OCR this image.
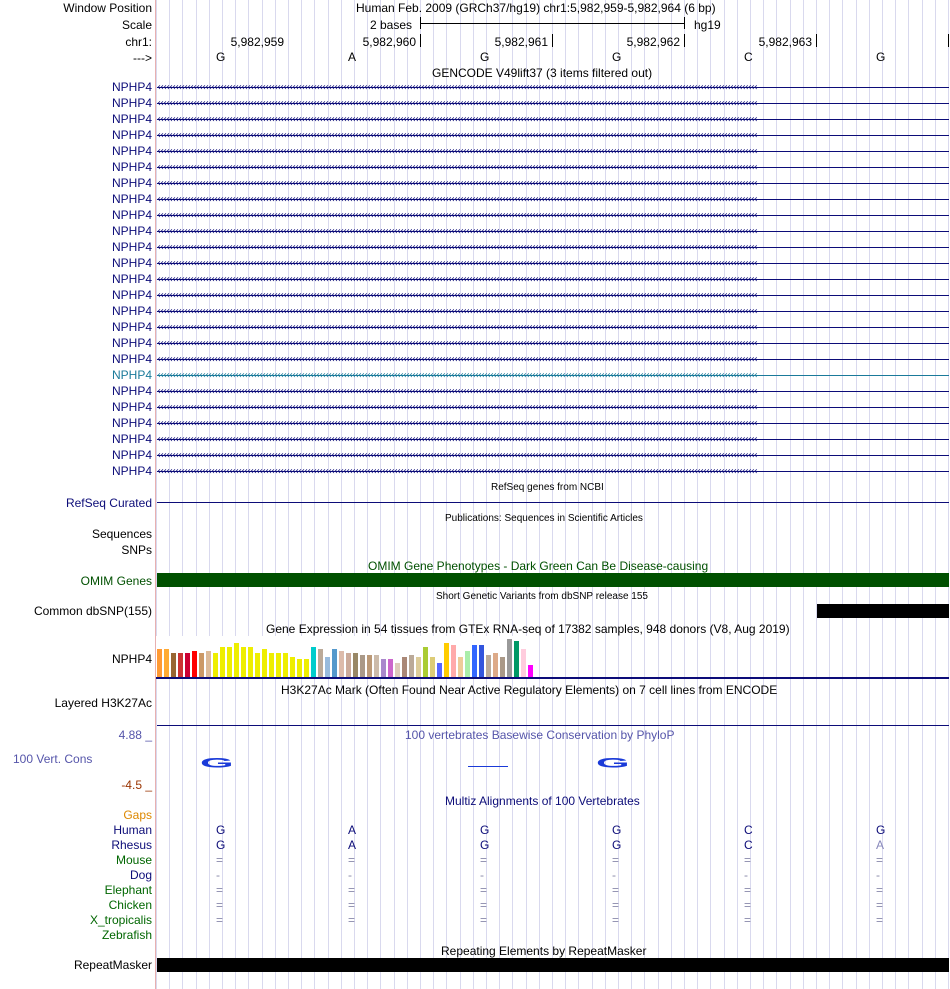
Window Position	Human Feb. 2009 (GRCh37/hg19) chr1:5,982,959-5,982,964 (6 bp)
Scale	2 bases	hg19
chr1:	5,982,959	5,982,960	5,982,961	5,982,962	5,982,963
--->	G	A	G	G	C	G
GENCODE V49lift37 (3 items filtered out)
NPHP4 ‹‹‹‹‹‹‹‹‹‹‹‹‹‹‹‹‹‹‹‹‹‹‹‹‹‹‹‹‹‹‹‹‹‹‹‹‹‹‹‹‹‹‹‹‹‹‹‹‹‹‹‹‹‹‹‹‹‹‹‹‹‹‹‹‹‹‹‹‹‹‹‹‹‹‹‹‹‹‹‹‹‹‹‹‹‹‹‹‹‹‹‹‹‹‹‹‹‹‹‹‹‹‹‹‹‹‹‹‹‹‹‹‹‹‹‹‹‹‹‹‹‹‹‹‹‹‹‹‹‹‹‹‹‹‹‹‹‹‹‹‹‹‹‹‹‹‹‹‹‹‹‹‹‹‹‹‹‹‹‹‹‹‹‹‹‹‹‹‹‹‹‹‹‹‹‹‹‹‹‹‹‹‹‹‹‹‹‹‹‹‹‹‹‹‹‹‹‹‹‹
NPHP4 ‹‹‹‹‹‹‹‹‹‹‹‹‹‹‹‹‹‹‹‹‹‹‹‹‹‹‹‹‹‹‹‹‹‹‹‹‹‹‹‹‹‹‹‹‹‹‹‹‹‹‹‹‹‹‹‹‹‹‹‹‹‹‹‹‹‹‹‹‹‹‹‹‹‹‹‹‹‹‹‹‹‹‹‹‹‹‹‹‹‹‹‹‹‹‹‹‹‹‹‹‹‹‹‹‹‹‹‹‹‹‹‹‹‹‹‹‹‹‹‹‹‹‹‹‹‹‹‹‹‹‹‹‹‹‹‹‹‹‹‹‹‹‹‹‹‹‹‹‹‹‹‹‹‹‹‹‹‹‹‹‹‹‹‹‹‹‹‹‹‹‹‹‹‹‹‹‹‹‹‹‹‹‹‹‹‹‹‹‹‹‹‹‹‹‹‹‹‹‹‹
NPHP4 ‹‹‹‹‹‹‹‹‹‹‹‹‹‹‹‹‹‹‹‹‹‹‹‹‹‹‹‹‹‹‹‹‹‹‹‹‹‹‹‹‹‹‹‹‹‹‹‹‹‹‹‹‹‹‹‹‹‹‹‹‹‹‹‹‹‹‹‹‹‹‹‹‹‹‹‹‹‹‹‹‹‹‹‹‹‹‹‹‹‹‹‹‹‹‹‹‹‹‹‹‹‹‹‹‹‹‹‹‹‹‹‹‹‹‹‹‹‹‹‹‹‹‹‹‹‹‹‹‹‹‹‹‹‹‹‹‹‹‹‹‹‹‹‹‹‹‹‹‹‹‹‹‹‹‹‹‹‹‹‹‹‹‹‹‹‹‹‹‹‹‹‹‹‹‹‹‹‹‹‹‹‹‹‹‹‹‹‹‹‹‹‹‹‹‹‹‹‹‹‹
NPHP4 ‹‹‹‹‹‹‹‹‹‹‹‹‹‹‹‹‹‹‹‹‹‹‹‹‹‹‹‹‹‹‹‹‹‹‹‹‹‹‹‹‹‹‹‹‹‹‹‹‹‹‹‹‹‹‹‹‹‹‹‹‹‹‹‹‹‹‹‹‹‹‹‹‹‹‹‹‹‹‹‹‹‹‹‹‹‹‹‹‹‹‹‹‹‹‹‹‹‹‹‹‹‹‹‹‹‹‹‹‹‹‹‹‹‹‹‹‹‹‹‹‹‹‹‹‹‹‹‹‹‹‹‹‹‹‹‹‹‹‹‹‹‹‹‹‹‹‹‹‹‹‹‹‹‹‹‹‹‹‹‹‹‹‹‹‹‹‹‹‹‹‹‹‹‹‹‹‹‹‹‹‹‹‹‹‹‹‹‹‹‹‹‹‹‹‹‹‹‹‹‹
NPHP4 ‹‹‹‹‹‹‹‹‹‹‹‹‹‹‹‹‹‹‹‹‹‹‹‹‹‹‹‹‹‹‹‹‹‹‹‹‹‹‹‹‹‹‹‹‹‹‹‹‹‹‹‹‹‹‹‹‹‹‹‹‹‹‹‹‹‹‹‹‹‹‹‹‹‹‹‹‹‹‹‹‹‹‹‹‹‹‹‹‹‹‹‹‹‹‹‹‹‹‹‹‹‹‹‹‹‹‹‹‹‹‹‹‹‹‹‹‹‹‹‹‹‹‹‹‹‹‹‹‹‹‹‹‹‹‹‹‹‹‹‹‹‹‹‹‹‹‹‹‹‹‹‹‹‹‹‹‹‹‹‹‹‹‹‹‹‹‹‹‹‹‹‹‹‹‹‹‹‹‹‹‹‹‹‹‹‹‹‹‹‹‹‹‹‹‹‹‹‹‹‹
NPHP4 ‹‹‹‹‹‹‹‹‹‹‹‹‹‹‹‹‹‹‹‹‹‹‹‹‹‹‹‹‹‹‹‹‹‹‹‹‹‹‹‹‹‹‹‹‹‹‹‹‹‹‹‹‹‹‹‹‹‹‹‹‹‹‹‹‹‹‹‹‹‹‹‹‹‹‹‹‹‹‹‹‹‹‹‹‹‹‹‹‹‹‹‹‹‹‹‹‹‹‹‹‹‹‹‹‹‹‹‹‹‹‹‹‹‹‹‹‹‹‹‹‹‹‹‹‹‹‹‹‹‹‹‹‹‹‹‹‹‹‹‹‹‹‹‹‹‹‹‹‹‹‹‹‹‹‹‹‹‹‹‹‹‹‹‹‹‹‹‹‹‹‹‹‹‹‹‹‹‹‹‹‹‹‹‹‹‹‹‹‹‹‹‹‹‹‹‹‹‹‹‹
NPHP4 ‹‹‹‹‹‹‹‹‹‹‹‹‹‹‹‹‹‹‹‹‹‹‹‹‹‹‹‹‹‹‹‹‹‹‹‹‹‹‹‹‹‹‹‹‹‹‹‹‹‹‹‹‹‹‹‹‹‹‹‹‹‹‹‹‹‹‹‹‹‹‹‹‹‹‹‹‹‹‹‹‹‹‹‹‹‹‹‹‹‹‹‹‹‹‹‹‹‹‹‹‹‹‹‹‹‹‹‹‹‹‹‹‹‹‹‹‹‹‹‹‹‹‹‹‹‹‹‹‹‹‹‹‹‹‹‹‹‹‹‹‹‹‹‹‹‹‹‹‹‹‹‹‹‹‹‹‹‹‹‹‹‹‹‹‹‹‹‹‹‹‹‹‹‹‹‹‹‹‹‹‹‹‹‹‹‹‹‹‹‹‹‹‹‹‹‹‹‹‹‹
NPHP4 ‹‹‹‹‹‹‹‹‹‹‹‹‹‹‹‹‹‹‹‹‹‹‹‹‹‹‹‹‹‹‹‹‹‹‹‹‹‹‹‹‹‹‹‹‹‹‹‹‹‹‹‹‹‹‹‹‹‹‹‹‹‹‹‹‹‹‹‹‹‹‹‹‹‹‹‹‹‹‹‹‹‹‹‹‹‹‹‹‹‹‹‹‹‹‹‹‹‹‹‹‹‹‹‹‹‹‹‹‹‹‹‹‹‹‹‹‹‹‹‹‹‹‹‹‹‹‹‹‹‹‹‹‹‹‹‹‹‹‹‹‹‹‹‹‹‹‹‹‹‹‹‹‹‹‹‹‹‹‹‹‹‹‹‹‹‹‹‹‹‹‹‹‹‹‹‹‹‹‹‹‹‹‹‹‹‹‹‹‹‹‹‹‹‹‹‹‹‹‹‹
NPHP4 ‹‹‹‹‹‹‹‹‹‹‹‹‹‹‹‹‹‹‹‹‹‹‹‹‹‹‹‹‹‹‹‹‹‹‹‹‹‹‹‹‹‹‹‹‹‹‹‹‹‹‹‹‹‹‹‹‹‹‹‹‹‹‹‹‹‹‹‹‹‹‹‹‹‹‹‹‹‹‹‹‹‹‹‹‹‹‹‹‹‹‹‹‹‹‹‹‹‹‹‹‹‹‹‹‹‹‹‹‹‹‹‹‹‹‹‹‹‹‹‹‹‹‹‹‹‹‹‹‹‹‹‹‹‹‹‹‹‹‹‹‹‹‹‹‹‹‹‹‹‹‹‹‹‹‹‹‹‹‹‹‹‹‹‹‹‹‹‹‹‹‹‹‹‹‹‹‹‹‹‹‹‹‹‹‹‹‹‹‹‹‹‹‹‹‹‹‹‹‹‹
NPHP4 ‹‹‹‹‹‹‹‹‹‹‹‹‹‹‹‹‹‹‹‹‹‹‹‹‹‹‹‹‹‹‹‹‹‹‹‹‹‹‹‹‹‹‹‹‹‹‹‹‹‹‹‹‹‹‹‹‹‹‹‹‹‹‹‹‹‹‹‹‹‹‹‹‹‹‹‹‹‹‹‹‹‹‹‹‹‹‹‹‹‹‹‹‹‹‹‹‹‹‹‹‹‹‹‹‹‹‹‹‹‹‹‹‹‹‹‹‹‹‹‹‹‹‹‹‹‹‹‹‹‹‹‹‹‹‹‹‹‹‹‹‹‹‹‹‹‹‹‹‹‹‹‹‹‹‹‹‹‹‹‹‹‹‹‹‹‹‹‹‹‹‹‹‹‹‹‹‹‹‹‹‹‹‹‹‹‹‹‹‹‹‹‹‹‹‹‹‹‹‹‹
NPHP4 ‹‹‹‹‹‹‹‹‹‹‹‹‹‹‹‹‹‹‹‹‹‹‹‹‹‹‹‹‹‹‹‹‹‹‹‹‹‹‹‹‹‹‹‹‹‹‹‹‹‹‹‹‹‹‹‹‹‹‹‹‹‹‹‹‹‹‹‹‹‹‹‹‹‹‹‹‹‹‹‹‹‹‹‹‹‹‹‹‹‹‹‹‹‹‹‹‹‹‹‹‹‹‹‹‹‹‹‹‹‹‹‹‹‹‹‹‹‹‹‹‹‹‹‹‹‹‹‹‹‹‹‹‹‹‹‹‹‹‹‹‹‹‹‹‹‹‹‹‹‹‹‹‹‹‹‹‹‹‹‹‹‹‹‹‹‹‹‹‹‹‹‹‹‹‹‹‹‹‹‹‹‹‹‹‹‹‹‹‹‹‹‹‹‹‹‹‹‹‹‹
NPHP4 ‹‹‹‹‹‹‹‹‹‹‹‹‹‹‹‹‹‹‹‹‹‹‹‹‹‹‹‹‹‹‹‹‹‹‹‹‹‹‹‹‹‹‹‹‹‹‹‹‹‹‹‹‹‹‹‹‹‹‹‹‹‹‹‹‹‹‹‹‹‹‹‹‹‹‹‹‹‹‹‹‹‹‹‹‹‹‹‹‹‹‹‹‹‹‹‹‹‹‹‹‹‹‹‹‹‹‹‹‹‹‹‹‹‹‹‹‹‹‹‹‹‹‹‹‹‹‹‹‹‹‹‹‹‹‹‹‹‹‹‹‹‹‹‹‹‹‹‹‹‹‹‹‹‹‹‹‹‹‹‹‹‹‹‹‹‹‹‹‹‹‹‹‹‹‹‹‹‹‹‹‹‹‹‹‹‹‹‹‹‹‹‹‹‹‹‹‹‹‹‹
NPHP4 ‹‹‹‹‹‹‹‹‹‹‹‹‹‹‹‹‹‹‹‹‹‹‹‹‹‹‹‹‹‹‹‹‹‹‹‹‹‹‹‹‹‹‹‹‹‹‹‹‹‹‹‹‹‹‹‹‹‹‹‹‹‹‹‹‹‹‹‹‹‹‹‹‹‹‹‹‹‹‹‹‹‹‹‹‹‹‹‹‹‹‹‹‹‹‹‹‹‹‹‹‹‹‹‹‹‹‹‹‹‹‹‹‹‹‹‹‹‹‹‹‹‹‹‹‹‹‹‹‹‹‹‹‹‹‹‹‹‹‹‹‹‹‹‹‹‹‹‹‹‹‹‹‹‹‹‹‹‹‹‹‹‹‹‹‹‹‹‹‹‹‹‹‹‹‹‹‹‹‹‹‹‹‹‹‹‹‹‹‹‹‹‹‹‹‹‹‹‹‹‹
NPHP4 ‹‹‹‹‹‹‹‹‹‹‹‹‹‹‹‹‹‹‹‹‹‹‹‹‹‹‹‹‹‹‹‹‹‹‹‹‹‹‹‹‹‹‹‹‹‹‹‹‹‹‹‹‹‹‹‹‹‹‹‹‹‹‹‹‹‹‹‹‹‹‹‹‹‹‹‹‹‹‹‹‹‹‹‹‹‹‹‹‹‹‹‹‹‹‹‹‹‹‹‹‹‹‹‹‹‹‹‹‹‹‹‹‹‹‹‹‹‹‹‹‹‹‹‹‹‹‹‹‹‹‹‹‹‹‹‹‹‹‹‹‹‹‹‹‹‹‹‹‹‹‹‹‹‹‹‹‹‹‹‹‹‹‹‹‹‹‹‹‹‹‹‹‹‹‹‹‹‹‹‹‹‹‹‹‹‹‹‹‹‹‹‹‹‹‹‹‹‹‹‹
NPHP4 ‹‹‹‹‹‹‹‹‹‹‹‹‹‹‹‹‹‹‹‹‹‹‹‹‹‹‹‹‹‹‹‹‹‹‹‹‹‹‹‹‹‹‹‹‹‹‹‹‹‹‹‹‹‹‹‹‹‹‹‹‹‹‹‹‹‹‹‹‹‹‹‹‹‹‹‹‹‹‹‹‹‹‹‹‹‹‹‹‹‹‹‹‹‹‹‹‹‹‹‹‹‹‹‹‹‹‹‹‹‹‹‹‹‹‹‹‹‹‹‹‹‹‹‹‹‹‹‹‹‹‹‹‹‹‹‹‹‹‹‹‹‹‹‹‹‹‹‹‹‹‹‹‹‹‹‹‹‹‹‹‹‹‹‹‹‹‹‹‹‹‹‹‹‹‹‹‹‹‹‹‹‹‹‹‹‹‹‹‹‹‹‹‹‹‹‹‹‹‹‹
NPHP4 ‹‹‹‹‹‹‹‹‹‹‹‹‹‹‹‹‹‹‹‹‹‹‹‹‹‹‹‹‹‹‹‹‹‹‹‹‹‹‹‹‹‹‹‹‹‹‹‹‹‹‹‹‹‹‹‹‹‹‹‹‹‹‹‹‹‹‹‹‹‹‹‹‹‹‹‹‹‹‹‹‹‹‹‹‹‹‹‹‹‹‹‹‹‹‹‹‹‹‹‹‹‹‹‹‹‹‹‹‹‹‹‹‹‹‹‹‹‹‹‹‹‹‹‹‹‹‹‹‹‹‹‹‹‹‹‹‹‹‹‹‹‹‹‹‹‹‹‹‹‹‹‹‹‹‹‹‹‹‹‹‹‹‹‹‹‹‹‹‹‹‹‹‹‹‹‹‹‹‹‹‹‹‹‹‹‹‹‹‹‹‹‹‹‹‹‹‹‹‹‹
NPHP4 ‹‹‹‹‹‹‹‹‹‹‹‹‹‹‹‹‹‹‹‹‹‹‹‹‹‹‹‹‹‹‹‹‹‹‹‹‹‹‹‹‹‹‹‹‹‹‹‹‹‹‹‹‹‹‹‹‹‹‹‹‹‹‹‹‹‹‹‹‹‹‹‹‹‹‹‹‹‹‹‹‹‹‹‹‹‹‹‹‹‹‹‹‹‹‹‹‹‹‹‹‹‹‹‹‹‹‹‹‹‹‹‹‹‹‹‹‹‹‹‹‹‹‹‹‹‹‹‹‹‹‹‹‹‹‹‹‹‹‹‹‹‹‹‹‹‹‹‹‹‹‹‹‹‹‹‹‹‹‹‹‹‹‹‹‹‹‹‹‹‹‹‹‹‹‹‹‹‹‹‹‹‹‹‹‹‹‹‹‹‹‹‹‹‹‹‹‹‹‹‹
NPHP4 ‹‹‹‹‹‹‹‹‹‹‹‹‹‹‹‹‹‹‹‹‹‹‹‹‹‹‹‹‹‹‹‹‹‹‹‹‹‹‹‹‹‹‹‹‹‹‹‹‹‹‹‹‹‹‹‹‹‹‹‹‹‹‹‹‹‹‹‹‹‹‹‹‹‹‹‹‹‹‹‹‹‹‹‹‹‹‹‹‹‹‹‹‹‹‹‹‹‹‹‹‹‹‹‹‹‹‹‹‹‹‹‹‹‹‹‹‹‹‹‹‹‹‹‹‹‹‹‹‹‹‹‹‹‹‹‹‹‹‹‹‹‹‹‹‹‹‹‹‹‹‹‹‹‹‹‹‹‹‹‹‹‹‹‹‹‹‹‹‹‹‹‹‹‹‹‹‹‹‹‹‹‹‹‹‹‹‹‹‹‹‹‹‹‹‹‹‹‹‹‹
NPHP4 ‹‹‹‹‹‹‹‹‹‹‹‹‹‹‹‹‹‹‹‹‹‹‹‹‹‹‹‹‹‹‹‹‹‹‹‹‹‹‹‹‹‹‹‹‹‹‹‹‹‹‹‹‹‹‹‹‹‹‹‹‹‹‹‹‹‹‹‹‹‹‹‹‹‹‹‹‹‹‹‹‹‹‹‹‹‹‹‹‹‹‹‹‹‹‹‹‹‹‹‹‹‹‹‹‹‹‹‹‹‹‹‹‹‹‹‹‹‹‹‹‹‹‹‹‹‹‹‹‹‹‹‹‹‹‹‹‹‹‹‹‹‹‹‹‹‹‹‹‹‹‹‹‹‹‹‹‹‹‹‹‹‹‹‹‹‹‹‹‹‹‹‹‹‹‹‹‹‹‹‹‹‹‹‹‹‹‹‹‹‹‹‹‹‹‹‹‹‹‹‹
NPHP4 ‹‹‹‹‹‹‹‹‹‹‹‹‹‹‹‹‹‹‹‹‹‹‹‹‹‹‹‹‹‹‹‹‹‹‹‹‹‹‹‹‹‹‹‹‹‹‹‹‹‹‹‹‹‹‹‹‹‹‹‹‹‹‹‹‹‹‹‹‹‹‹‹‹‹‹‹‹‹‹‹‹‹‹‹‹‹‹‹‹‹‹‹‹‹‹‹‹‹‹‹‹‹‹‹‹‹‹‹‹‹‹‹‹‹‹‹‹‹‹‹‹‹‹‹‹‹‹‹‹‹‹‹‹‹‹‹‹‹‹‹‹‹‹‹‹‹‹‹‹‹‹‹‹‹‹‹‹‹‹‹‹‹‹‹‹‹‹‹‹‹‹‹‹‹‹‹‹‹‹‹‹‹‹‹‹‹‹‹‹‹‹‹‹‹‹‹‹‹‹‹
NPHP4 ‹‹‹‹‹‹‹‹‹‹‹‹‹‹‹‹‹‹‹‹‹‹‹‹‹‹‹‹‹‹‹‹‹‹‹‹‹‹‹‹‹‹‹‹‹‹‹‹‹‹‹‹‹‹‹‹‹‹‹‹‹‹‹‹‹‹‹‹‹‹‹‹‹‹‹‹‹‹‹‹‹‹‹‹‹‹‹‹‹‹‹‹‹‹‹‹‹‹‹‹‹‹‹‹‹‹‹‹‹‹‹‹‹‹‹‹‹‹‹‹‹‹‹‹‹‹‹‹‹‹‹‹‹‹‹‹‹‹‹‹‹‹‹‹‹‹‹‹‹‹‹‹‹‹‹‹‹‹‹‹‹‹‹‹‹‹‹‹‹‹‹‹‹‹‹‹‹‹‹‹‹‹‹‹‹‹‹‹‹‹‹‹‹‹‹‹‹‹‹‹
NPHP4 ‹‹‹‹‹‹‹‹‹‹‹‹‹‹‹‹‹‹‹‹‹‹‹‹‹‹‹‹‹‹‹‹‹‹‹‹‹‹‹‹‹‹‹‹‹‹‹‹‹‹‹‹‹‹‹‹‹‹‹‹‹‹‹‹‹‹‹‹‹‹‹‹‹‹‹‹‹‹‹‹‹‹‹‹‹‹‹‹‹‹‹‹‹‹‹‹‹‹‹‹‹‹‹‹‹‹‹‹‹‹‹‹‹‹‹‹‹‹‹‹‹‹‹‹‹‹‹‹‹‹‹‹‹‹‹‹‹‹‹‹‹‹‹‹‹‹‹‹‹‹‹‹‹‹‹‹‹‹‹‹‹‹‹‹‹‹‹‹‹‹‹‹‹‹‹‹‹‹‹‹‹‹‹‹‹‹‹‹‹‹‹‹‹‹‹‹‹‹‹‹
NPHP4 ‹‹‹‹‹‹‹‹‹‹‹‹‹‹‹‹‹‹‹‹‹‹‹‹‹‹‹‹‹‹‹‹‹‹‹‹‹‹‹‹‹‹‹‹‹‹‹‹‹‹‹‹‹‹‹‹‹‹‹‹‹‹‹‹‹‹‹‹‹‹‹‹‹‹‹‹‹‹‹‹‹‹‹‹‹‹‹‹‹‹‹‹‹‹‹‹‹‹‹‹‹‹‹‹‹‹‹‹‹‹‹‹‹‹‹‹‹‹‹‹‹‹‹‹‹‹‹‹‹‹‹‹‹‹‹‹‹‹‹‹‹‹‹‹‹‹‹‹‹‹‹‹‹‹‹‹‹‹‹‹‹‹‹‹‹‹‹‹‹‹‹‹‹‹‹‹‹‹‹‹‹‹‹‹‹‹‹‹‹‹‹‹‹‹‹‹‹‹‹‹
NPHP4 ‹‹‹‹‹‹‹‹‹‹‹‹‹‹‹‹‹‹‹‹‹‹‹‹‹‹‹‹‹‹‹‹‹‹‹‹‹‹‹‹‹‹‹‹‹‹‹‹‹‹‹‹‹‹‹‹‹‹‹‹‹‹‹‹‹‹‹‹‹‹‹‹‹‹‹‹‹‹‹‹‹‹‹‹‹‹‹‹‹‹‹‹‹‹‹‹‹‹‹‹‹‹‹‹‹‹‹‹‹‹‹‹‹‹‹‹‹‹‹‹‹‹‹‹‹‹‹‹‹‹‹‹‹‹‹‹‹‹‹‹‹‹‹‹‹‹‹‹‹‹‹‹‹‹‹‹‹‹‹‹‹‹‹‹‹‹‹‹‹‹‹‹‹‹‹‹‹‹‹‹‹‹‹‹‹‹‹‹‹‹‹‹‹‹‹‹‹‹‹‹
NPHP4 ‹‹‹‹‹‹‹‹‹‹‹‹‹‹‹‹‹‹‹‹‹‹‹‹‹‹‹‹‹‹‹‹‹‹‹‹‹‹‹‹‹‹‹‹‹‹‹‹‹‹‹‹‹‹‹‹‹‹‹‹‹‹‹‹‹‹‹‹‹‹‹‹‹‹‹‹‹‹‹‹‹‹‹‹‹‹‹‹‹‹‹‹‹‹‹‹‹‹‹‹‹‹‹‹‹‹‹‹‹‹‹‹‹‹‹‹‹‹‹‹‹‹‹‹‹‹‹‹‹‹‹‹‹‹‹‹‹‹‹‹‹‹‹‹‹‹‹‹‹‹‹‹‹‹‹‹‹‹‹‹‹‹‹‹‹‹‹‹‹‹‹‹‹‹‹‹‹‹‹‹‹‹‹‹‹‹‹‹‹‹‹‹‹‹‹‹‹‹‹‹
RefSeq genes from NCBI
RefSeq Curated
Publications: Sequences in Scientific Articles
Sequences
SNPs
OMIM Gene Phenotypes - Dark Green Can Be Disease-causing
OMIM Genes
Short Genetic Variants from dbSNP release 155
Common dbSNP(155)
Gene Expression in 54 tissues from GTEx RNA-seq of 17382 samples, 948 donors (V8, Aug 2019)
NPHP4
H3K27Ac Mark (Often Found Near Active Regulatory Elements) on 7 cell lines from ENCODE
Layered H3K27Ac
4.88 _	100 vertebrates Basewise Conservation by PhyloP
100 Vert. Cons
-4.5 _
G	G
Multiz Alignments of 100 Vertebrates
Gaps
Human	G	A	G	G	C	G
Rhesus	G	A	G	G	C	A
Mouse	=	=	=	=	=	=
Dog	-	-	-	-	-	-
Elephant	=	=	=	=	=	=
Chicken	=	=	=	=	=	=
X_tropicalis	=	=	=	=	=	=
Zebrafish
Repeating Elements by RepeatMasker
RepeatMasker
